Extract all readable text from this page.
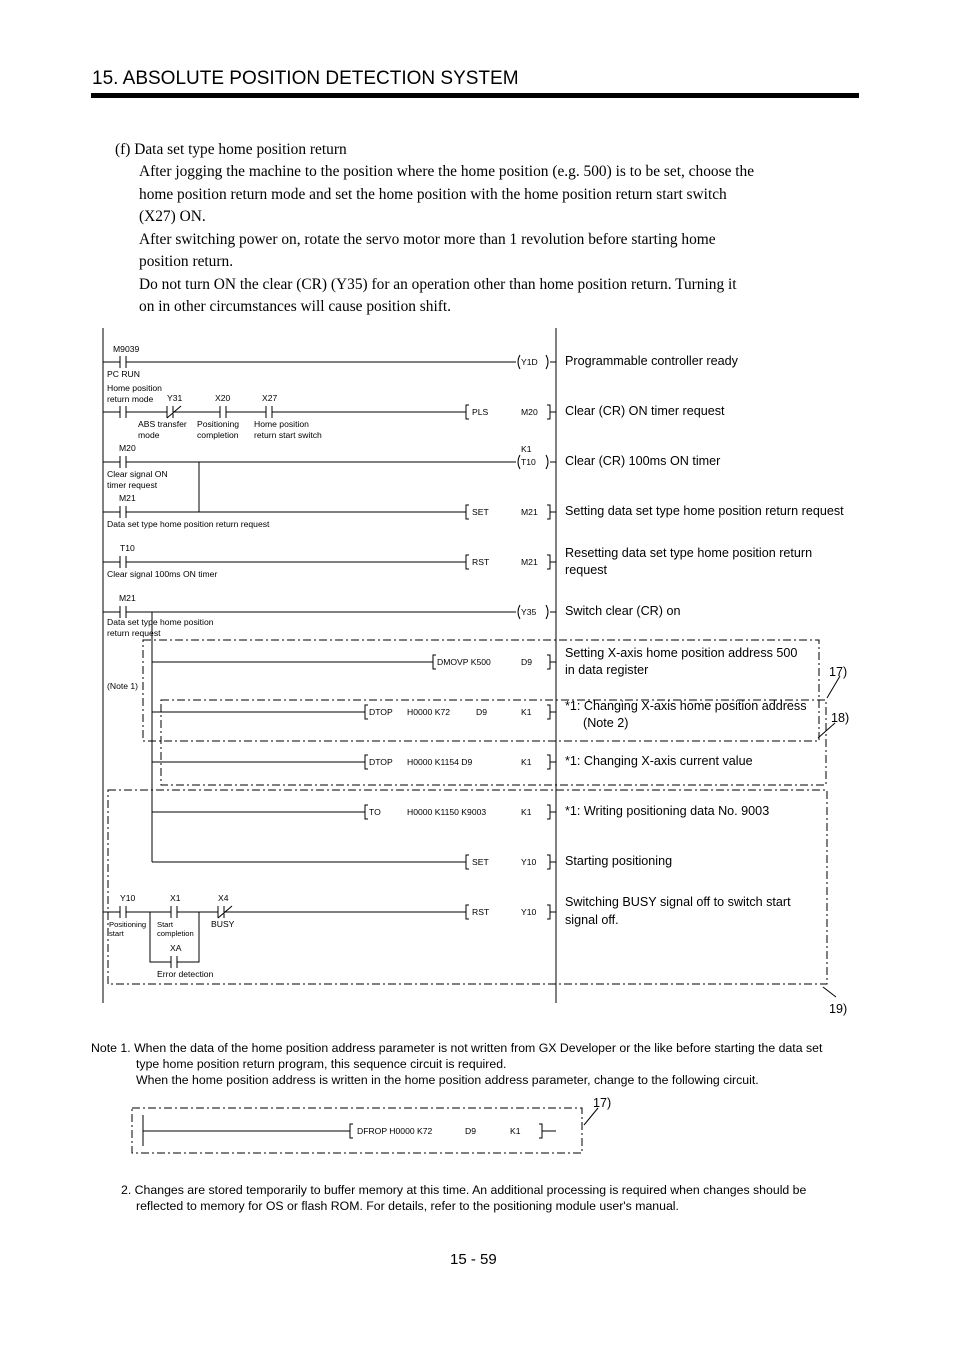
15. ABSOLUTE POSITION DETECTION SYSTEM
(f) Data set type home position return
After jogging the machine to the position where the home position (e.g. 500) is to be set, choose the
home position return mode and set the home position with the home position return start switch
(X27) ON.
After switching power on, rotate the servo motor more than 1 revolution before starting home
position return.
Do not turn ON the clear (CR) (Y35) for an operation other than home position return. Turning it
on in other circumstances will cause position shift.
M9039
PC RUN
Home position
return mode Y31	X20	X27
ABS transfer
mode
Positioning
completion
Home position
return start switch
M20
Clear signal ON
timer request
M21
Data set type home position return request
T10
Clear signal 100ms ON timer
M21
Data set type home position
return request
(Note 1)
Y10	X1	X4
Positioning
start
Start
completion
BUSY
XA
Error detection
Y1D
PLS	M20
K1
T10
SET	M21
RST	M21
Y35
DMOVP K500	D9
DTOP H0000 K72	D9	K1
DTOP H0000 K1154 D9	K1
TO	H0000 K1150 K9003	K1
SET	Y10
RST	Y10
Programmable controller ready
Clear (CR) ON timer request
Clear (CR) 100ms ON timer
Setting data set type home position return request
Resetting data set type home position return
request
Switch clear (CR) on
Setting X-axis home position address 500
in data register
*1: Changing X-axis home position address
(Note 2)
*1: Changing X-axis current value
*1: Writing positioning data No. 9003
Starting positioning
Switching BUSY signal off to switch start
signal off.
17)
18)
19)
Note 1. When the data of the home position address parameter is not written from GX Developer or the like before starting the data set
type home position return program, this sequence circuit is required.
When the home position address is written in the home position address parameter, change to the following circuit.
DFROP H0000 K72	D9	K1
17)
2. Changes are stored temporarily to buffer memory at this time. An additional processing is required when changes should be
reflected to memory for OS or flash ROM. For details, refer to the positioning module user's manual.
15 - 59
